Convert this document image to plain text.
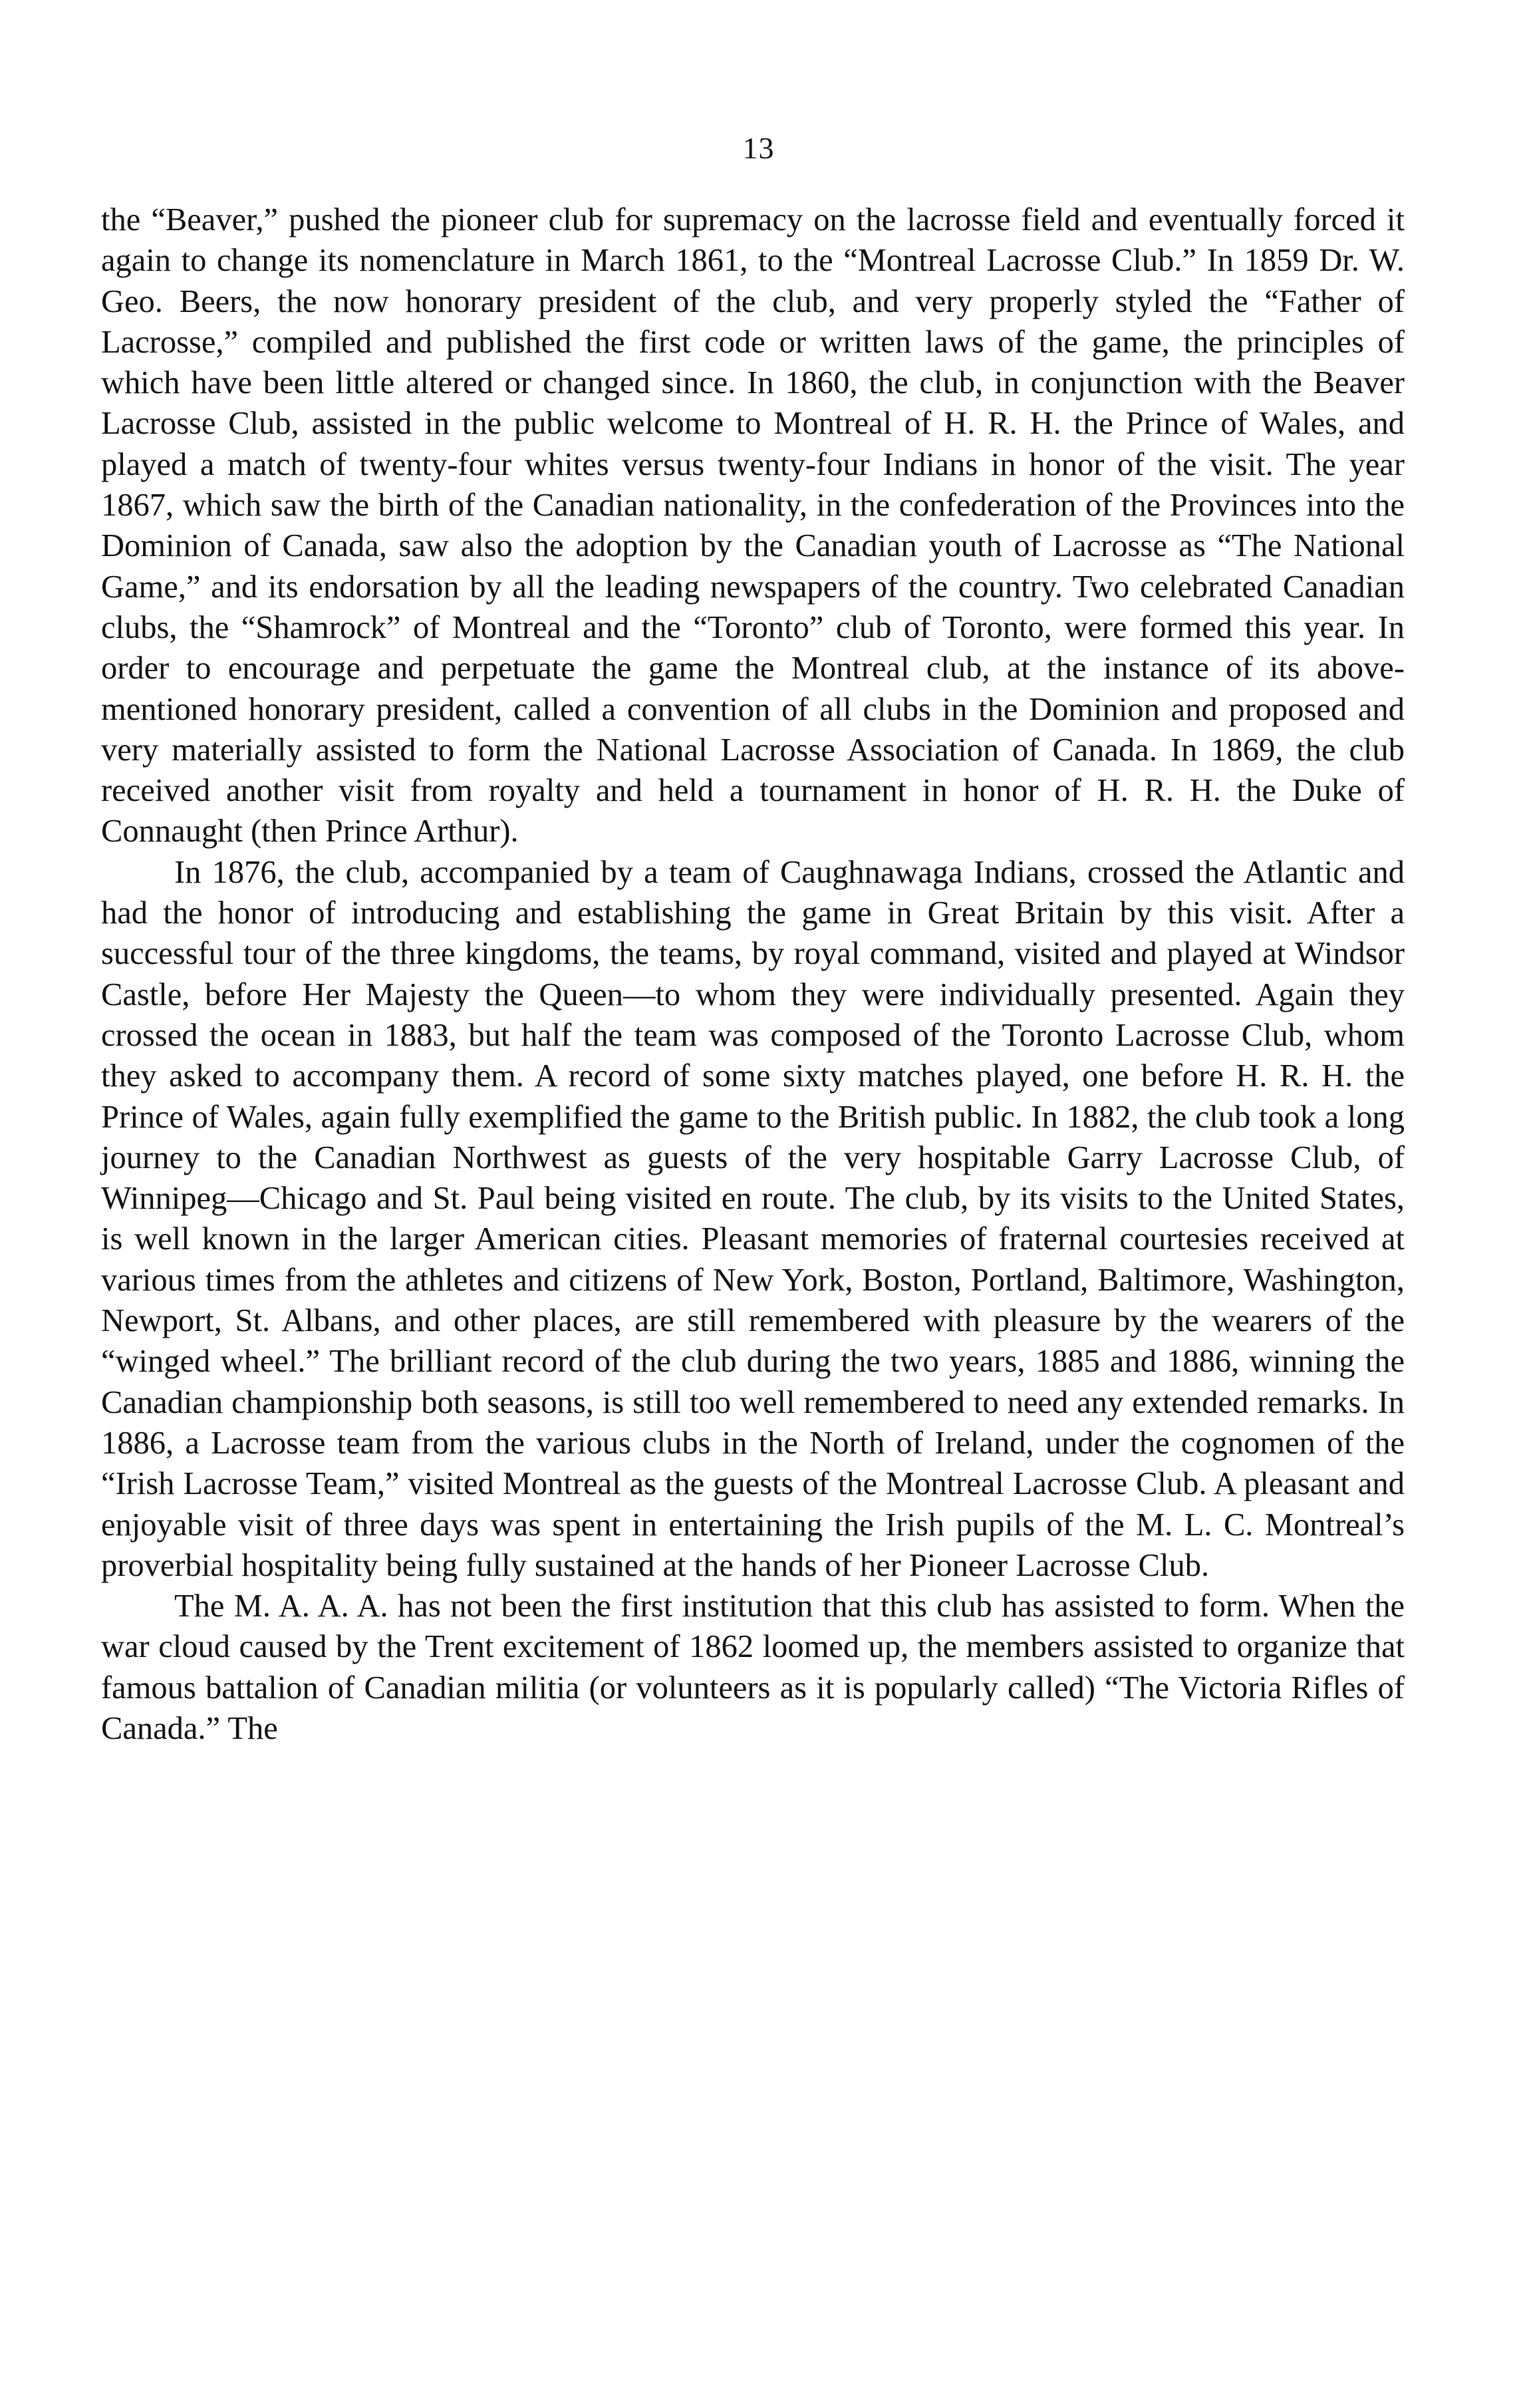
13

the “Beaver,” pushed the pioneer club for supremacy on the lacrosse field and eventually forced it again to change its nomenclature in March 1861, to the “Montreal Lacrosse Club.” In 1859 Dr. W. Geo. Beers, the now honorary president of the club, and very properly styled the “Father of Lacrosse,” compiled and published the first code or written laws of the game, the principles of which have been little altered or changed since. In 1860, the club, in conjunction with the Beaver Lacrosse Club, assisted in the public welcome to Montreal of H. R. H. the Prince of Wales, and played a match of twenty-four whites versus twenty-four Indians in honor of the visit. The year 1867, which saw the birth of the Canadian nationality, in the confederation of the Provinces into the Dominion of Canada, saw also the adoption by the Canadian youth of Lacrosse as “The National Game,” and its endorsation by all the leading newspapers of the country. Two celebrated Canadian clubs, the “Shamrock” of Montreal and the “Toronto” club of Toronto, were formed this year. In order to encourage and perpetuate the game the Montreal club, at the instance of its above-mentioned honorary president, called a convention of all clubs in the Dominion and proposed and very materially assisted to form the National Lacrosse Association of Canada. In 1869, the club received another visit from royalty and held a tournament in honor of H. R. H. the Duke of Connaught (then Prince Arthur).

In 1876, the club, accompanied by a team of Caughnawaga Indians, crossed the Atlantic and had the honor of introducing and establishing the game in Great Britain by this visit. After a successful tour of the three kingdoms, the teams, by royal command, visited and played at Windsor Castle, before Her Majesty the Queen—to whom they were individually presented. Again they crossed the ocean in 1883, but half the team was composed of the Toronto Lacrosse Club, whom they asked to accompany them. A record of some sixty matches played, one before H. R. H. the Prince of Wales, again fully exemplified the game to the British public. In 1882, the club took a long journey to the Canadian Northwest as guests of the very hospitable Garry Lacrosse Club, of Winnipeg—Chicago and St. Paul being visited en route. The club, by its visits to the United States, is well known in the larger American cities. Pleasant memories of fraternal courtesies received at various times from the athletes and citizens of New York, Boston, Portland, Baltimore, Washington, Newport, St. Albans, and other places, are still remembered with pleasure by the wearers of the “winged wheel.” The brilliant record of the club during the two years, 1885 and 1886, winning the Canadian championship both seasons, is still too well remembered to need any extended remarks. In 1886, a Lacrosse team from the various clubs in the North of Ireland, under the cognomen of the “Irish Lacrosse Team,” visited Montreal as the guests of the Montreal Lacrosse Club. A pleasant and enjoyable visit of three days was spent in entertaining the Irish pupils of the M. L. C. Montreal’s proverbial hospitality being fully sustained at the hands of her Pioneer Lacrosse Club.

The M. A. A. A. has not been the first institution that this club has assisted to form. When the war cloud caused by the Trent excitement of 1862 loomed up, the members assisted to organize that famous battalion of Canadian militia (or volunteers as it is popularly called) “The Victoria Rifles of Canada.” The
